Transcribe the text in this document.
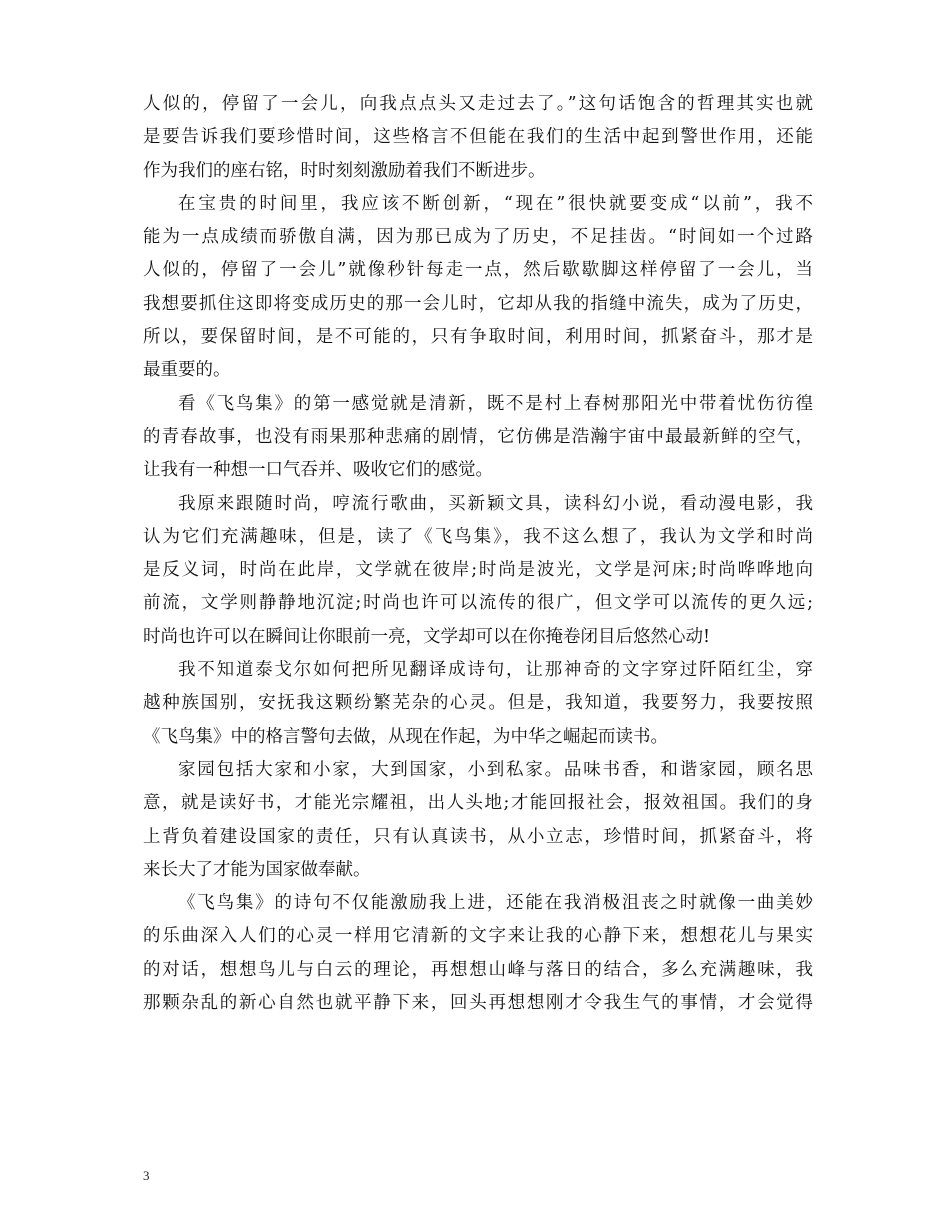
人似的，停留了一会儿，向我点点头又走过去了。”这句话饱含的哲理其实也就
是要告诉我们要珍惜时间，这些格言不但能在我们的生活中起到警世作用，还能
作为我们的座右铭，时时刻刻激励着我们不断进步。
在宝贵的时间里，我应该不断创新，“现在”很快就要变成“以前”，我不
能为一点成绩而骄傲自满，因为那已成为了历史，不足挂齿。“时间如一个过路
人似的，停留了一会儿”就像秒针每走一点，然后歇歇脚这样停留了一会儿，当
我想要抓住这即将变成历史的那一会儿时，它却从我的指缝中流失，成为了历史，
所以，要保留时间，是不可能的，只有争取时间，利用时间，抓紧奋斗，那才是
最重要的。
看《飞鸟集》的第一感觉就是清新，既不是村上春树那阳光中带着忧伤彷徨
的青春故事，也没有雨果那种悲痛的剧情，它仿佛是浩瀚宇宙中最最新鲜的空气，
让我有一种想一口气吞并、吸收它们的感觉。
我原来跟随时尚，哼流行歌曲，买新颖文具，读科幻小说，看动漫电影，我
认为它们充满趣味，但是，读了《飞鸟集》，我不这么想了，我认为文学和时尚
是反义词，时尚在此岸，文学就在彼岸;时尚是波光，文学是河床;时尚哗哗地向
前流，文学则静静地沉淀;时尚也许可以流传的很广，但文学可以流传的更久远;
时尚也许可以在瞬间让你眼前一亮，文学却可以在你掩卷闭目后悠然心动!
我不知道泰戈尔如何把所见翻译成诗句，让那神奇的文字穿过阡陌红尘，穿
越种族国别，安抚我这颗纷繁芜杂的心灵。但是，我知道，我要努力，我要按照
《飞鸟集》中的格言警句去做，从现在作起，为中华之崛起而读书。
家园包括大家和小家，大到国家，小到私家。品味书香，和谐家园，顾名思
意，就是读好书，才能光宗耀祖，出人头地;才能回报社会，报效祖国。我们的身
上背负着建设国家的责任，只有认真读书，从小立志，珍惜时间，抓紧奋斗，将
来长大了才能为国家做奉献。
《飞鸟集》的诗句不仅能激励我上进，还能在我消极沮丧之时就像一曲美妙
的乐曲深入人们的心灵一样用它清新的文字来让我的心静下来，想想花儿与果实
的对话，想想鸟儿与白云的理论，再想想山峰与落日的结合，多么充满趣味，我
那颗杂乱的新心自然也就平静下来，回头再想想刚才令我生气的事情，才会觉得
3
